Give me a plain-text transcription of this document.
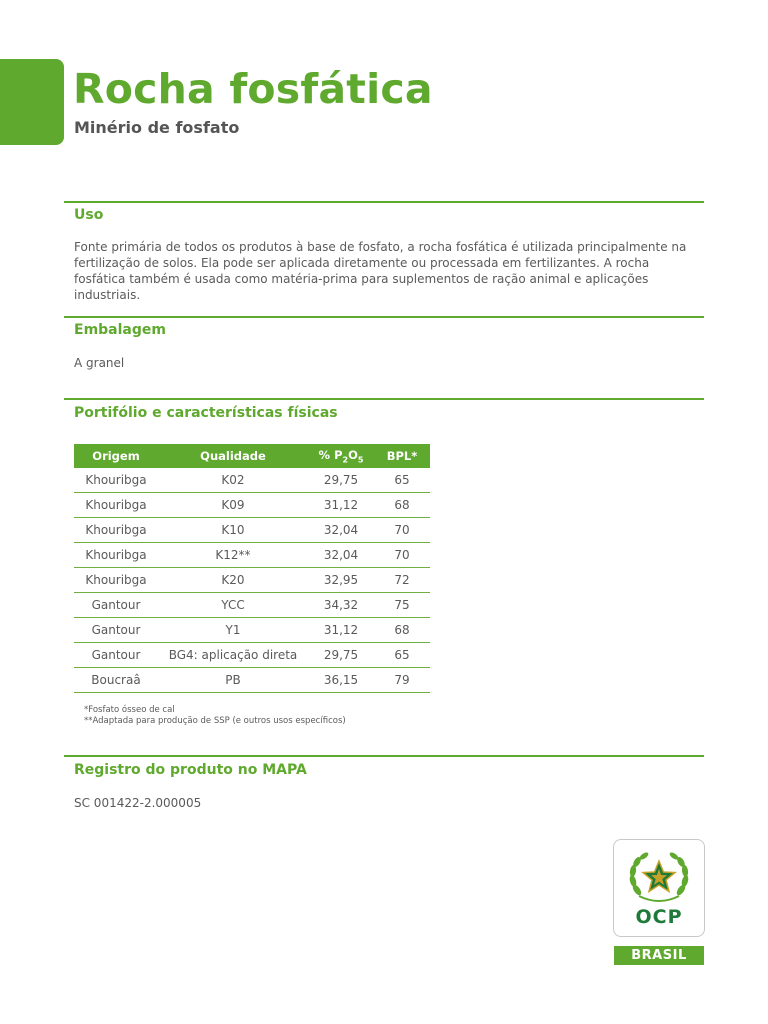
Rocha fosfática
Minério de fosfato
Uso

Fonte primária de todos os produtos à base de fosfato, a rocha fosfática é utilizada principalmente na fertilização de solos. Ela pode ser aplicada diretamente ou processada em fertilizantes. A rocha fosfática também é usada como matéria-prima para suplementos de ração animal e aplicações industriais.

Embalagem

A granel

Portifólio e características físicas
Origem	Qualidade	% $P_2O_5$	BPL*
Khouribga	K02	29,75	65
Khouribga	K09	31,12	68
Khouribga	K10	32,04	70
Khouribga	K12**	32,04	70
Khouribga	K20	32,95	72
Gantour	YCC	34,32	75
Gantour	Y1	31,12	68
Gantour	BG4: aplicação direta	29,75	65
Boucraâ	PB	36,15	79
*Fosfato ósseo de cal
**Adaptada para produção de SSP (e outros usos específicos)
Registro do produto no MAPA

SC 001422-2.000005

OCP
BRASIL
